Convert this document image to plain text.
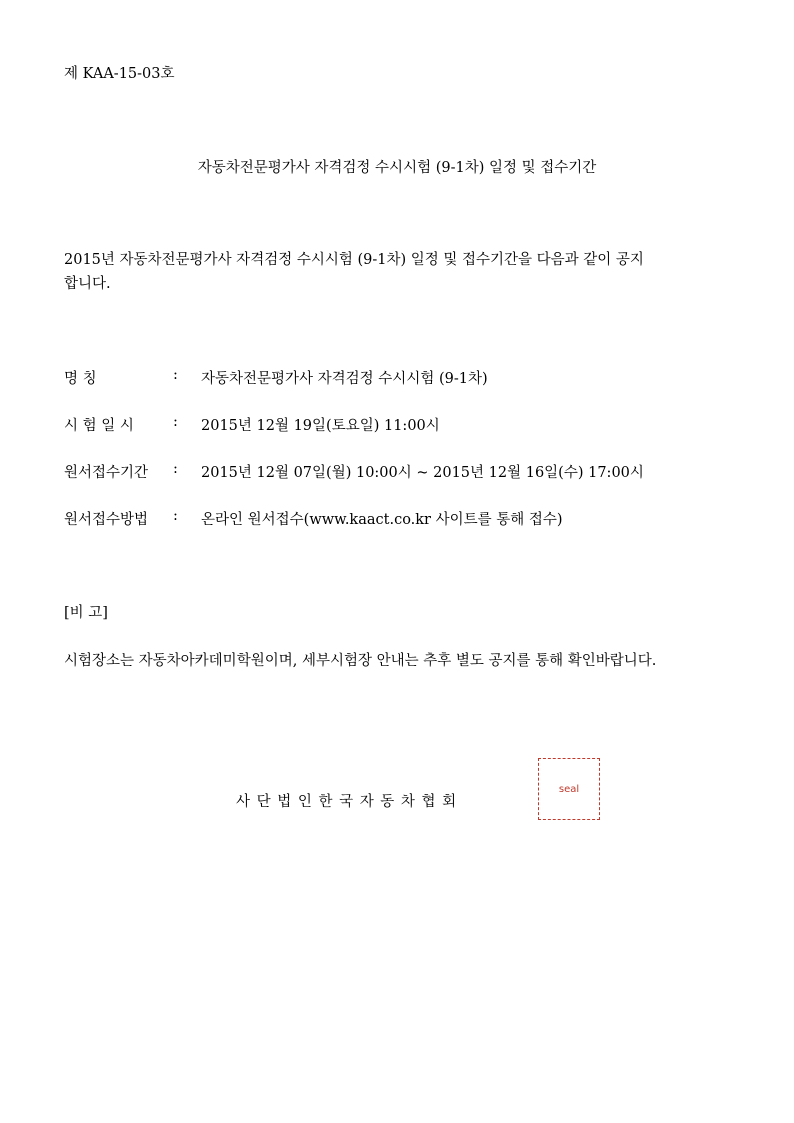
제 KAA-15-03호
자동차전문평가사 자격검정 수시시험 (9-1차) 일정 및 접수기간
2015년 자동차전문평가사 자격검정 수시시험 (9-1차) 일정 및 접수기간을 다음과 같이 공지
합니다.
명 칭	: 자동차전문평가사 자격검정 수시시험 (9-1차)
시 험 일 시	: 2015년 12월 19일(토요일) 11:00시
원서접수기간	: 2015년 12월 07일(월) 10:00시 ~ 2015년 12월 16일(수) 17:00시
원서접수방법	: 온라인 원서접수(www.kaact.co.kr 사이트를 통해 접수)
[비 고]
시험장소는 자동차아카데미학원이며, 세부시험장 안내는 추후 별도 공지를 통해 확인바랍니다.
사 단 법 인 한 국 자 동 차 협 회
seal
